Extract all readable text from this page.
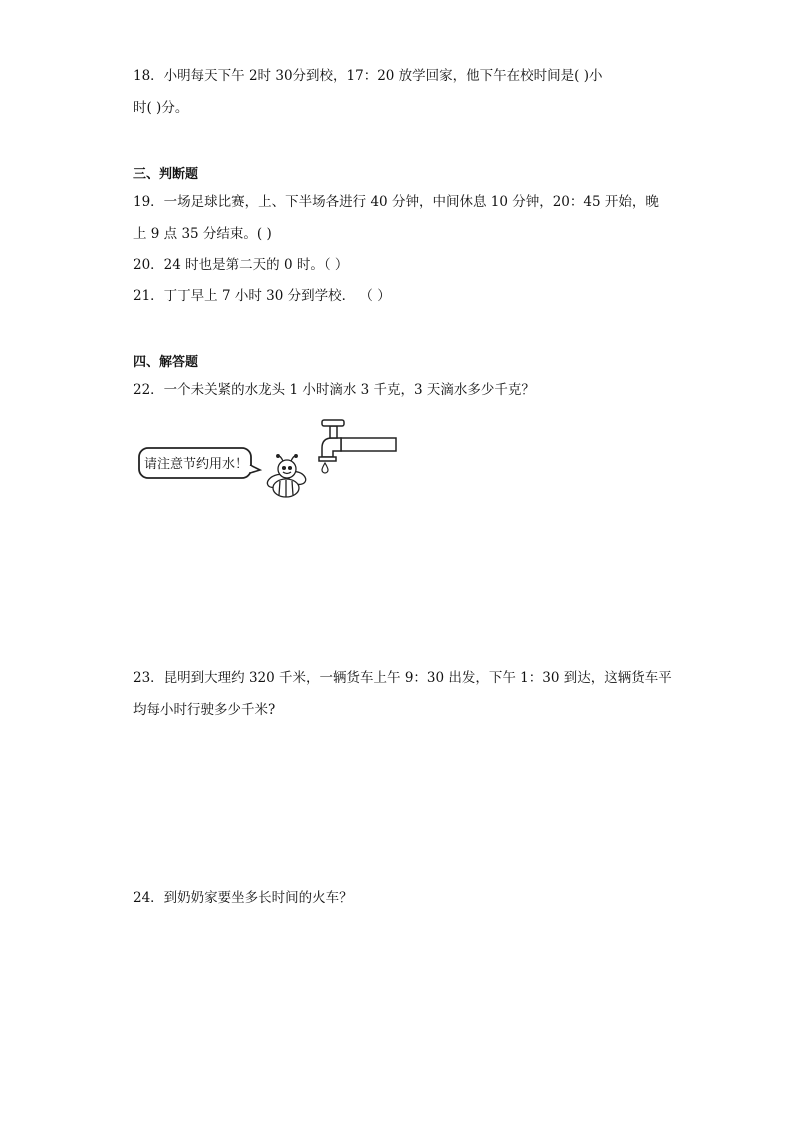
18．小明每天下午 2时 30分到校，17：20 放学回家，他下午在校时间是( )小
时( )分。
三、判断题
19．一场足球比赛，上、下半场各进行 40 分钟，中间休息 10 分钟，20：45 开始，晚
上 9 点 35 分结束。( )
20．24 时也是第二天的 0 时。（ ）
21．丁丁早上 7 小时 30 分到学校． （ ）
四、解答题
22．一个未关紧的水龙头 1 小时滴水 3 千克，3 天滴水多少千克？
请注意节约用水！
23．昆明到大理约 320 千米，一辆货车上午 9：30 出发，下午 1：30 到达，这辆货车平
均每小时行驶多少千米?
24．到奶奶家要坐多长时间的火车？
